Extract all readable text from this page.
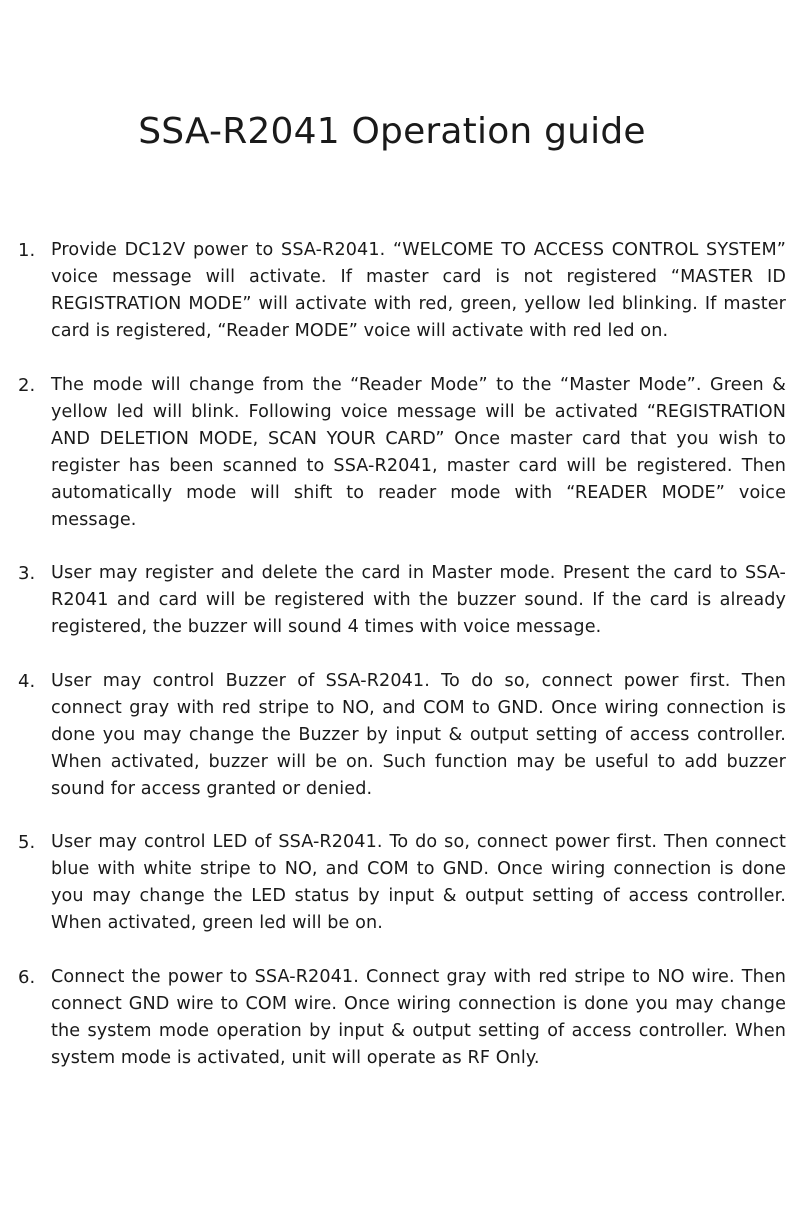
SSA-R2041 Operation guide
1. Provide DC12V power to SSA-R2041. “WELCOME TO ACCESS CONTROL SYSTEM” voice message will activate. If master card is not registered “MASTER ID REGISTRATION MODE” will activate with red, green, yellow led blinking. If master card is registered, “Reader MODE” voice will activate with red led on.
2. The mode will change from the “Reader Mode” to the “Master Mode”. Green & yellow led will blink. Following voice message will be activated “REGISTRATION AND DELETION MODE, SCAN YOUR CARD” Once master card that you wish to register has been scanned to SSA-R2041, master card will be registered. Then automatically mode will shift to reader mode with “READER MODE” voice message.
3. User may register and delete the card in Master mode. Present the card to SSA-R2041 and card will be registered with the buzzer sound. If the card is already registered, the buzzer will sound 4 times with voice message.
4. User may control Buzzer of SSA-R2041. To do so, connect power first. Then connect gray with red stripe to NO, and COM to GND. Once wiring connection is done you may change the Buzzer by input & output setting of access controller. When activated, buzzer will be on. Such function may be useful to add buzzer sound for access granted or denied.
5. User may control LED of SSA-R2041. To do so, connect power first. Then connect blue with white stripe to NO, and COM to GND. Once wiring connection is done you may change the LED status by input & output setting of access controller. When activated, green led will be on.
6. Connect the power to SSA-R2041. Connect gray with red stripe to NO wire. Then connect GND wire to COM wire. Once wiring connection is done you may change the system mode operation by input & output setting of access controller. When system mode is activated, unit will operate as RF Only.
